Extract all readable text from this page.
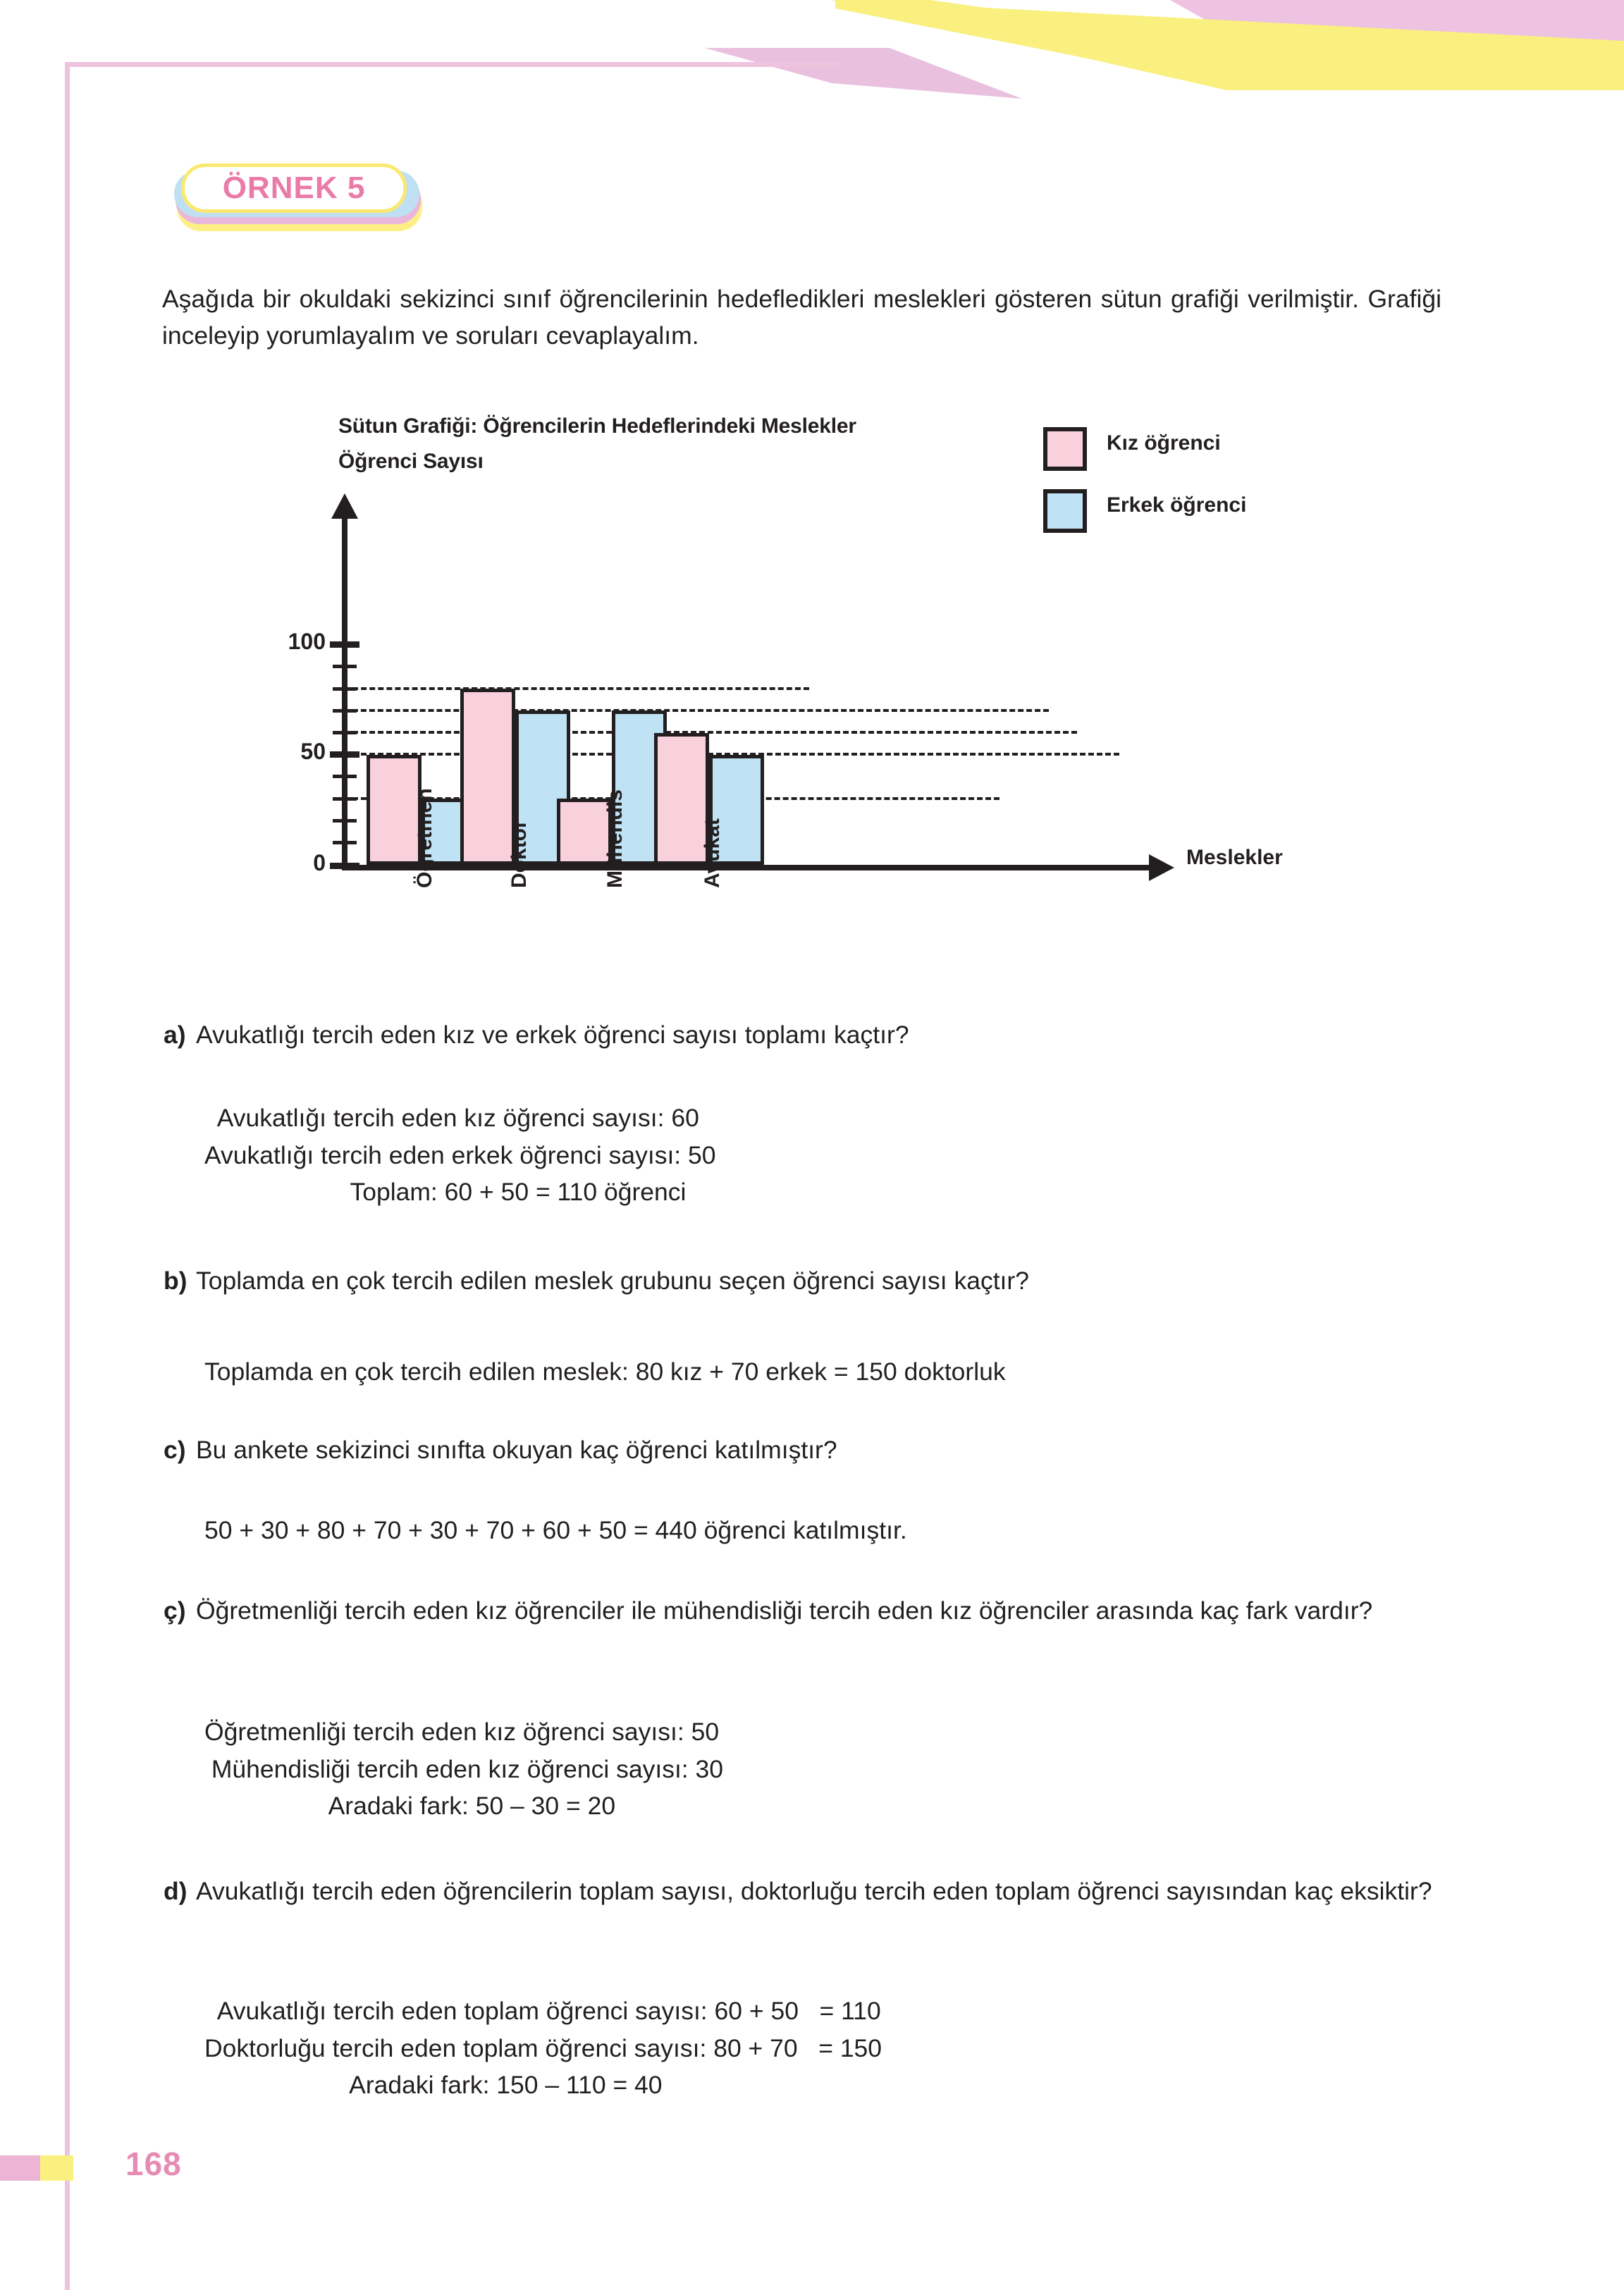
ÖRNEK 5
Aşağıda bir okuldaki sekizinci sınıf öğrencilerinin hedefledikleri meslekleri gösteren sütun grafiği verilmiştir. Grafiği inceleyip yorumlayalım ve soruları cevaplayalım.
Sütun Grafiği: Öğrencilerin Hedeflerindeki Meslekler
Öğrenci Sayısı
100
50
0	Öğretmen	Doktor	Mühendis	Avukat	Meslekler
Kız öğrenci
Erkek öğrenci
a) Avukatlığı tercih eden kız ve erkek öğrenci sayısı toplamı kaçtır?
Avukatlığı tercih eden kız öğrenci sayısı: 60
Avukatlığı tercih eden erkek öğrenci sayısı: 50
Toplam: 60 + 50 = 110 öğrenci
b) Toplamda en çok tercih edilen meslek grubunu seçen öğrenci sayısı kaçtır?
Toplamda en çok tercih edilen meslek: 80 kız + 70 erkek = 150 doktorluk
c) Bu ankete sekizinci sınıfta okuyan kaç öğrenci katılmıştır?
50 + 30 + 80 + 70 + 30 + 70 + 60 + 50 = 440 öğrenci katılmıştır.
ç) Öğretmenliği tercih eden kız öğrenciler ile mühendisliği tercih eden kız öğrenciler arasında kaç fark vardır?
Öğretmenliği tercih eden kız öğrenci sayısı: 50
Mühendisliği tercih eden kız öğrenci sayısı: 30
Aradaki fark: 50 – 30 = 20
d) Avukatlığı tercih eden öğrencilerin toplam sayısı, doktorluğu tercih eden toplam öğrenci sayısından kaç eksiktir?
Avukatlığı tercih eden toplam öğrenci sayısı: 60 + 50   = 110
Doktorluğu tercih eden toplam öğrenci sayısı: 80 + 70   = 150
Aradaki fark: 150 – 110 = 40
168
